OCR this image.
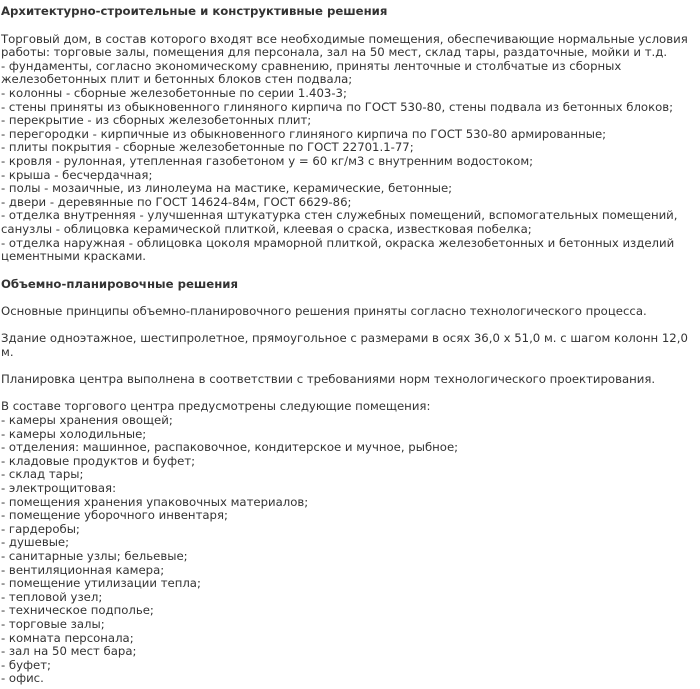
Архитектурно-строительные и конструктивные решения

Торговый дом, в состав которого входят все необходимые помещения, обеспечивающие нормальные условия работы: торговые залы, помещения для персонала, зал на 50 мест, склад тары, раздаточные, мойки и т.д.

- фундаменты, согласно экономическому сравнению, приняты ленточные и столбчатые из сборных железобетонных плит и бетонных блоков стен подвала;
- колонны - сборные железобетонные по серии 1.403-3;
- стены приняты из обыкновенного глиняного кирпича по ГОСТ 530-80, стены подвала из бетонных блоков;
- перекрытие - из сборных железобетонных плит;
- перегородки - кирпичные из обыкновенного глиняного кирпича по ГОСТ 530-80 армированные;
- плиты покрытия - сборные железобетонные по ГОСТ 22701.1-77;
- кровля - рулонная, утепленная газобетоном у = 60 кг/м3 с внутренним водостоком;
- крыша - бесчердачная;
- полы - мозаичные, из линолеума на мастике, керамические, бетонные;
- двери - деревянные по ГОСТ 14624-84м, ГОСТ 6629-86;
- отделка внутренняя - улучшенная штукатурка стен служебных помещений, вспомогательных помещений, санузлы - облицовка керамической плиткой, клеевая о сраска, известковая побелка;
- отделка наружная - облицовка цоколя мраморной плиткой, окраска железобетонных и бетонных изделий цементными красками.

Объемно-планировочные решения

Основные принципы объемно-планировочного решения приняты согласно технологического процесса.

Здание одноэтажное, шестипролетное, прямоугольное с размерами в осях 36,0 х 51,0 м. с шагом колонн 12,0 м.

Планировка центра выполнена в соответствии с требованиями норм технологического проектирования.

В составе торгового центра предусмотрены следующие помещения:

- камеры хранения овощей;
- камеры холодильные;
- отделения: машинное, распаковочное, кондитерское и мучное, рыбное;
- кладовые продуктов и буфет;
- склад тары;
- электрощитовая:
- помещения хранения упаковочных материалов;
- помещение уборочного инвентаря;
- гардеробы;
- душевые;
- санитарные узлы; бельевые;
- вентиляционная камера;
- помещение утилизации тепла;
- тепловой узел;
- техническое подполье;
- торговые залы;
- комната персонала;
- зал на 50 мест бара;
- буфет;
- офис.
